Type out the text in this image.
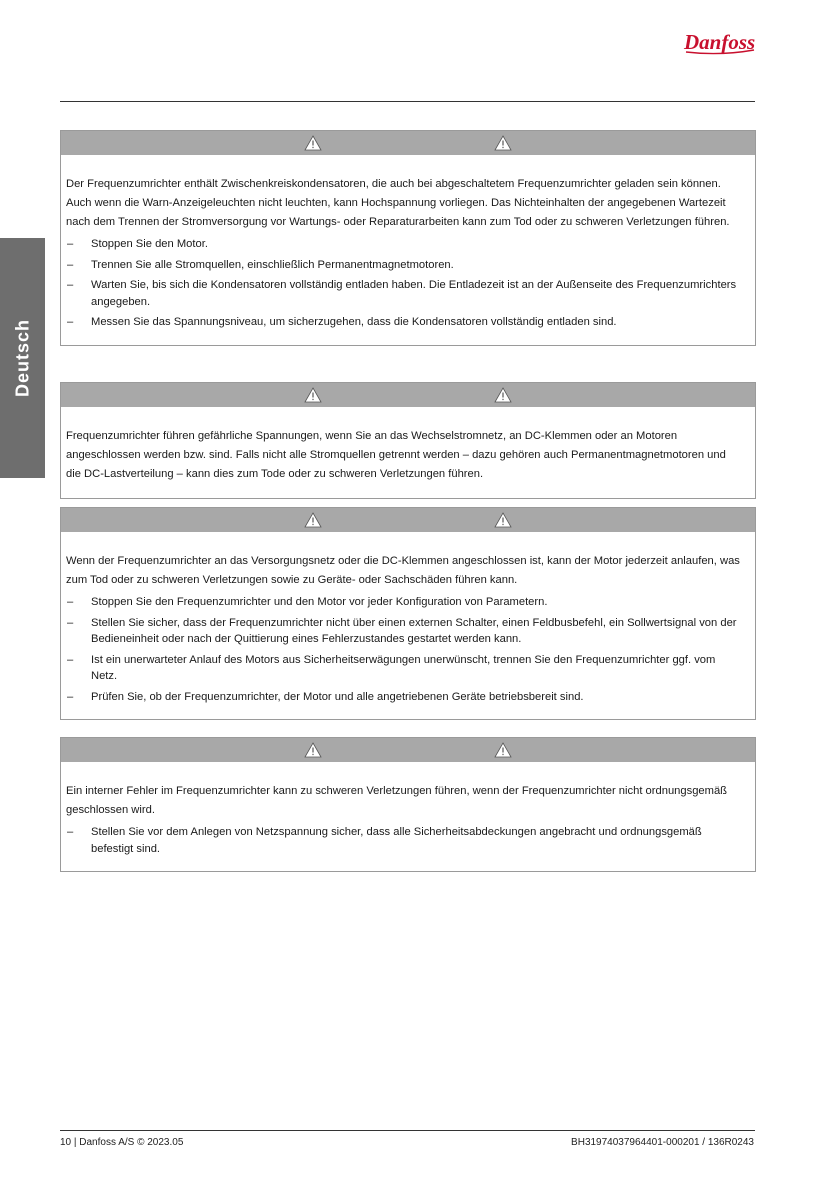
Danfoss
Deutsch

Der Frequenzumrichter enthält Zwischenkreiskondensatoren, die auch bei abgeschaltetem Frequenzumrichter geladen sein können. Auch wenn die Warn-Anzeigeleuchten nicht leuchten, kann Hochspannung vorliegen. Das Nichteinhalten der angegebenen Wartezeit nach dem Trennen der Stromversorgung vor Wartungs- oder Reparaturarbeiten kann zum Tod oder zu schweren Verletzungen führen.

– Stoppen Sie den Motor.
– Trennen Sie alle Stromquellen, einschließlich Permanentmagnetmotoren.
– Warten Sie, bis sich die Kondensatoren vollständig entladen haben. Die Entladezeit ist an der Außenseite des Frequenzumrichters angegeben.
– Messen Sie das Spannungsniveau, um sicherzugehen, dass die Kondensatoren vollständig entladen sind.

Frequenzumrichter führen gefährliche Spannungen, wenn Sie an das Wechselstromnetz, an DC-Klemmen oder an Motoren angeschlossen werden bzw. sind. Falls nicht alle Stromquellen getrennt werden – dazu gehören auch Permanentmagnetmotoren und die DC-Lastverteilung – kann dies zum Tode oder zu schweren Verletzungen führen.

Wenn der Frequenzumrichter an das Versorgungsnetz oder die DC-Klemmen angeschlossen ist, kann der Motor jederzeit anlaufen, was zum Tod oder zu schweren Verletzungen sowie zu Geräte- oder Sachschäden führen kann.

– Stoppen Sie den Frequenzumrichter und den Motor vor jeder Konfiguration von Parametern.
– Stellen Sie sicher, dass der Frequenzumrichter nicht über einen externen Schalter, einen Feldbusbefehl, ein Sollwertsignal von der Bedieneinheit oder nach der Quittierung eines Fehlerzustandes gestartet werden kann.
– Ist ein unerwarteter Anlauf des Motors aus Sicherheitserwägungen unerwünscht, trennen Sie den Frequenzumrichter ggf. vom Netz.
– Prüfen Sie, ob der Frequenzumrichter, der Motor und alle angetriebenen Geräte betriebsbereit sind.

Ein interner Fehler im Frequenzumrichter kann zu schweren Verletzungen führen, wenn der Frequenzumrichter nicht ordnungsgemäß geschlossen wird.

– Stellen Sie vor dem Anlegen von Netzspannung sicher, dass alle Sicherheitsabdeckungen angebracht und ordnungsgemäß befestigt sind.
10 | Danfoss A/S © 2023.05	BH31974037964401-000201 / 136R0243
